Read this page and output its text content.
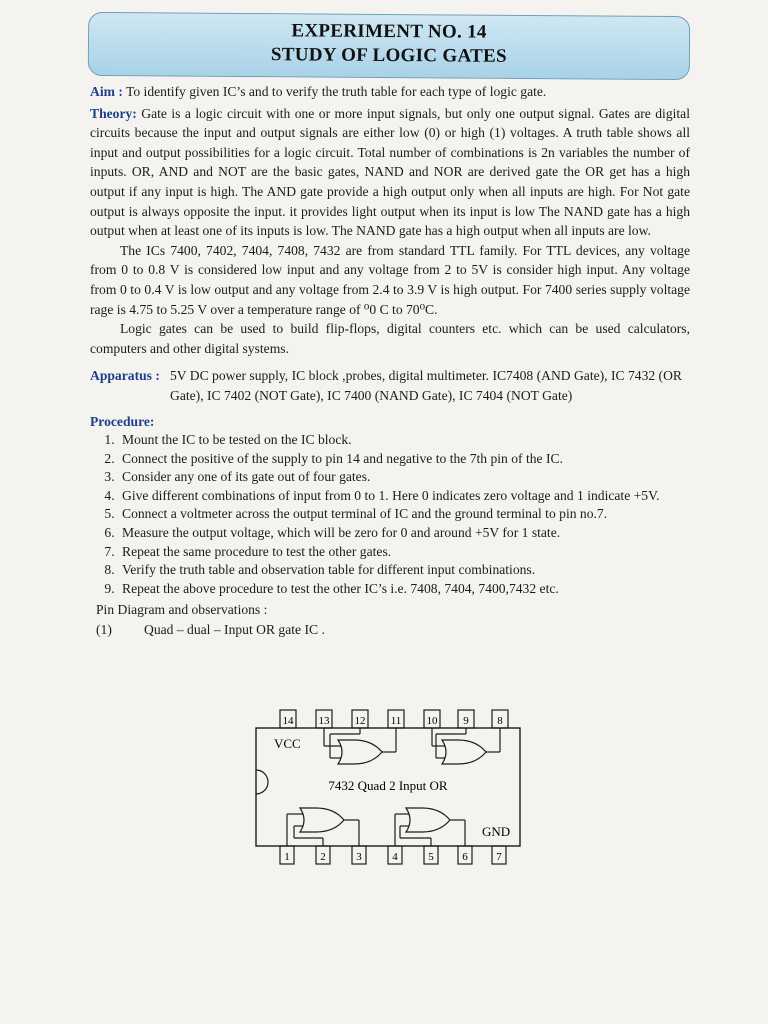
EXPERIMENT NO. 14
STUDY OF LOGIC GATES

Aim : To identify given IC’s and to verify the truth table for each type of logic gate.

Theory: Gate is a logic circuit with one or more input signals, but only one output signal. Gates are digital circuits because the input and output signals are either low (0) or high (1) voltages. A truth table shows all input and output possibilities for a logic circuit. Total number of combinations is 2n variables the number of inputs. OR, AND and NOT are the basic gates, NAND and NOR are derived gate the OR get has a high output if any input is high. The AND gate provide a high output only when all inputs are high. For Not gate output is always opposite the input. it provides light output when its input is low The NAND gate has a high output when at least one of its inputs is low. The NAND gate has a high output when all inputs are low.

The ICs 7400, 7402, 7404, 7408, 7432 are from standard TTL family. For TTL devices, any voltage from 0 to 0.8 V is considered low input and any voltage from 2 to 5V is consider high input. Any voltage from 0 to 0.4 V is low output and any voltage from 2.4 to 3.9 V is high output. For 7400 series supply voltage rage is 4.75 to 5.25 V over a temperature range of ⁰0 C to 70⁰C.

Logic gates can be used to build flip-flops, digital counters etc. which can be used calculators, computers and other digital systems.

Apparatus : 5V DC power supply, IC block ,probes, digital multimeter. IC7408 (AND Gate), IC 7432 (OR Gate), IC 7402 (NOT Gate), IC 7400 (NAND Gate), IC 7404 (NOT Gate)
Procedure:
1. Mount the IC to be tested on the IC block.
2. Connect the positive of the supply to pin 14 and negative to the 7th pin of the IC.
3. Consider any one of its gate out of four gates.
4. Give different combinations of input from 0 to 1. Here 0 indicates zero voltage and 1 indicate +5V.
5. Connect a voltmeter across the output terminal of IC and the ground terminal to pin no.7.
6. Measure the output voltage, which will be zero for 0 and around +5V for 1 state.
7. Repeat the same procedure to test the other gates.
8. Verify the truth table and observation table for different input combinations.
9. Repeat the above procedure to test the other IC’s i.e. 7408, 7404, 7400,7432 etc.
Pin Diagram and observations :
(1)	Quad – dual – Input OR gate IC .
14 13 12 11 10 9	8
1	2	3	4	5	6	7
VCC
GND
7432 Quad 2 Input OR
